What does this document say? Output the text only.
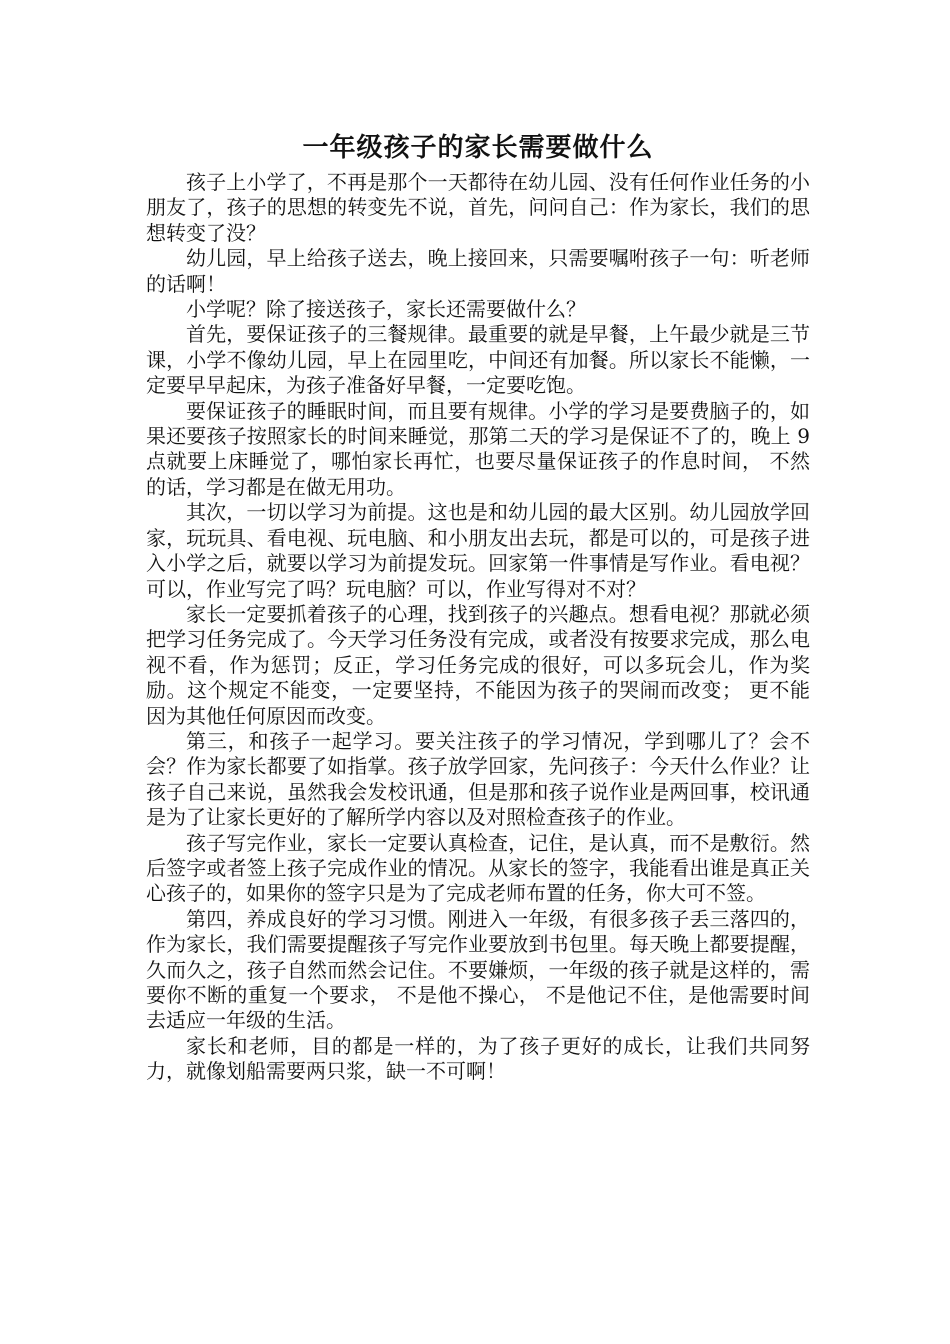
一年级孩子的家长需要做什么

孩子上小学了，不再是那个一天都待在幼儿园、没有任何作业任务的小朋友了，孩子的思想的转变先不说，首先，问问自己：作为家长，我们的思想转变了没？

幼儿园，早上给孩子送去，晚上接回来，只需要嘱咐孩子一句：听老师的话啊！

小学呢？除了接送孩子，家长还需要做什么？

首先，要保证孩子的三餐规律。最重要的就是早餐，上午最少就是三节课，小学不像幼儿园，早上在园里吃，中间还有加餐。所以家长不能懒，一定要早早起床，为孩子准备好早餐，一定要吃饱。

要保证孩子的睡眠时间，而且要有规律。小学的学习是要费脑子的，如果还要孩子按照家长的时间来睡觉，那第二天的学习是保证不了的，晚上 9 点就要上床睡觉了，哪怕家长再忙，也要尽量保证孩子的作息时间， 不然的话，学习都是在做无用功。

其次，一切以学习为前提。这也是和幼儿园的最大区别。幼儿园放学回家，玩玩具、看电视、玩电脑、和小朋友出去玩，都是可以的，可是孩子进入小学之后，就要以学习为前提发玩。回家第一件事情是写作业。看电视？可以，作业写完了吗？玩电脑？可以，作业写得对不对？

家长一定要抓着孩子的心理，找到孩子的兴趣点。想看电视？那就必须把学习任务完成了。今天学习任务没有完成，或者没有按要求完成，那么电视不看，作为惩罚；反正，学习任务完成的很好，可以多玩会儿，作为奖励。这个规定不能变，一定要坚持，不能因为孩子的哭闹而改变； 更不能因为其他任何原因而改变。

第三，和孩子一起学习。要关注孩子的学习情况，学到哪儿了？会不会？作为家长都要了如指掌。孩子放学回家，先问孩子：今天什么作业？让孩子自己来说，虽然我会发校讯通，但是那和孩子说作业是两回事，校讯通是为了让家长更好的了解所学内容以及对照检查孩子的作业。

孩子写完作业，家长一定要认真检查，记住，是认真，而不是敷衍。然后签字或者签上孩子完成作业的情况。从家长的签字，我能看出谁是真正关心孩子的，如果你的签字只是为了完成老师布置的任务，你大可不签。

第四，养成良好的学习习惯。刚进入一年级，有很多孩子丢三落四的，作为家长，我们需要提醒孩子写完作业要放到书包里。每天晚上都要提醒，久而久之，孩子自然而然会记住。不要嫌烦，一年级的孩子就是这样的，需要你不断的重复一个要求， 不是他不操心， 不是他记不住，是他需要时间去适应一年级的生活。

家长和老师，目的都是一样的，为了孩子更好的成长，让我们共同努力，就像划船需要两只浆，缺一不可啊！
